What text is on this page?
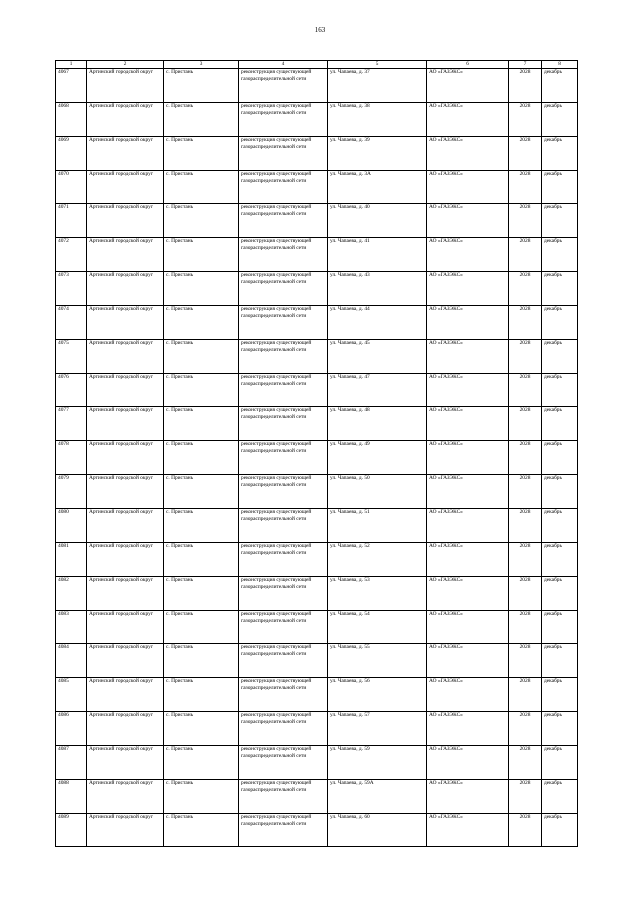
163
1	2	3	4	5	6	7	8
4067	Артинский городской округ	с. Пристань	реконструкция существующей газораспределительной сети	ул. Чапаева, д. 37	АО «ГАЗЭКС»	2028	декабрь
4068	Артинский городской округ	с. Пристань	реконструкция существующей газораспределительной сети	ул. Чапаева, д. 38	АО «ГАЗЭКС»	2028	декабрь
4069	Артинский городской округ	с. Пристань	реконструкция существующей газораспределительной сети	ул. Чапаева, д. 39	АО «ГАЗЭКС»	2028	декабрь
4070	Артинский городской округ	с. Пристань	реконструкция существующей газораспределительной сети	ул. Чапаева, д. 3А	АО «ГАЗЭКС»	2028	декабрь
4071	Артинский городской округ	с. Пристань	реконструкция существующей газораспределительной сети	ул. Чапаева, д. 40	АО «ГАЗЭКС»	2028	декабрь
4072	Артинский городской округ	с. Пристань	реконструкция существующей газораспределительной сети	ул. Чапаева, д. 41	АО «ГАЗЭКС»	2028	декабрь
4073	Артинский городской округ	с. Пристань	реконструкция существующей газораспределительной сети	ул. Чапаева, д. 43	АО «ГАЗЭКС»	2028	декабрь
4074	Артинский городской округ	с. Пристань	реконструкция существующей газораспределительной сети	ул. Чапаева, д. 44	АО «ГАЗЭКС»	2028	декабрь
4075	Артинский городской округ	с. Пристань	реконструкция существующей газораспределительной сети	ул. Чапаева, д. 45	АО «ГАЗЭКС»	2028	декабрь
4076	Артинский городской округ	с. Пристань	реконструкция существующей газораспределительной сети	ул. Чапаева, д. 47	АО «ГАЗЭКС»	2028	декабрь
4077	Артинский городской округ	с. Пристань	реконструкция существующей газораспределительной сети	ул. Чапаева, д. 48	АО «ГАЗЭКС»	2028	декабрь
4078	Артинский городской округ	с. Пристань	реконструкция существующей газораспределительной сети	ул. Чапаева, д. 49	АО «ГАЗЭКС»	2028	декабрь
4079	Артинский городской округ	с. Пристань	реконструкция существующей газораспределительной сети	ул. Чапаева, д. 50	АО «ГАЗЭКС»	2028	декабрь
4080	Артинский городской округ	с. Пристань	реконструкция существующей газораспределительной сети	ул. Чапаева, д. 51	АО «ГАЗЭКС»	2028	декабрь
4081	Артинский городской округ	с. Пристань	реконструкция существующей газораспределительной сети	ул. Чапаева, д. 52	АО «ГАЗЭКС»	2028	декабрь
4082	Артинский городской округ	с. Пристань	реконструкция существующей газораспределительной сети	ул. Чапаева, д. 53	АО «ГАЗЭКС»	2028	декабрь
4083	Артинский городской округ	с. Пристань	реконструкция существующей газораспределительной сети	ул. Чапаева, д. 54	АО «ГАЗЭКС»	2028	декабрь
4084	Артинский городской округ	с. Пристань	реконструкция существующей газораспределительной сети	ул. Чапаева, д. 55	АО «ГАЗЭКС»	2028	декабрь
4085	Артинский городской округ	с. Пристань	реконструкция существующей газораспределительной сети	ул. Чапаева, д. 56	АО «ГАЗЭКС»	2028	декабрь
4086	Артинский городской округ	с. Пристань	реконструкция существующей газораспределительной сети	ул. Чапаева, д. 57	АО «ГАЗЭКС»	2028	декабрь
4087	Артинский городской округ	с. Пристань	реконструкция существующей газораспределительной сети	ул. Чапаева, д. 59	АО «ГАЗЭКС»	2028	декабрь
4088	Артинский городской округ	с. Пристань	реконструкция существующей газораспределительной сети	ул. Чапаева, д. 59А	АО «ГАЗЭКС»	2028	декабрь
4089	Артинский городской округ	с. Пристань	реконструкция существующей газораспределительной сети	ул. Чапаева, д. 60	АО «ГАЗЭКС»	2028	декабрь
